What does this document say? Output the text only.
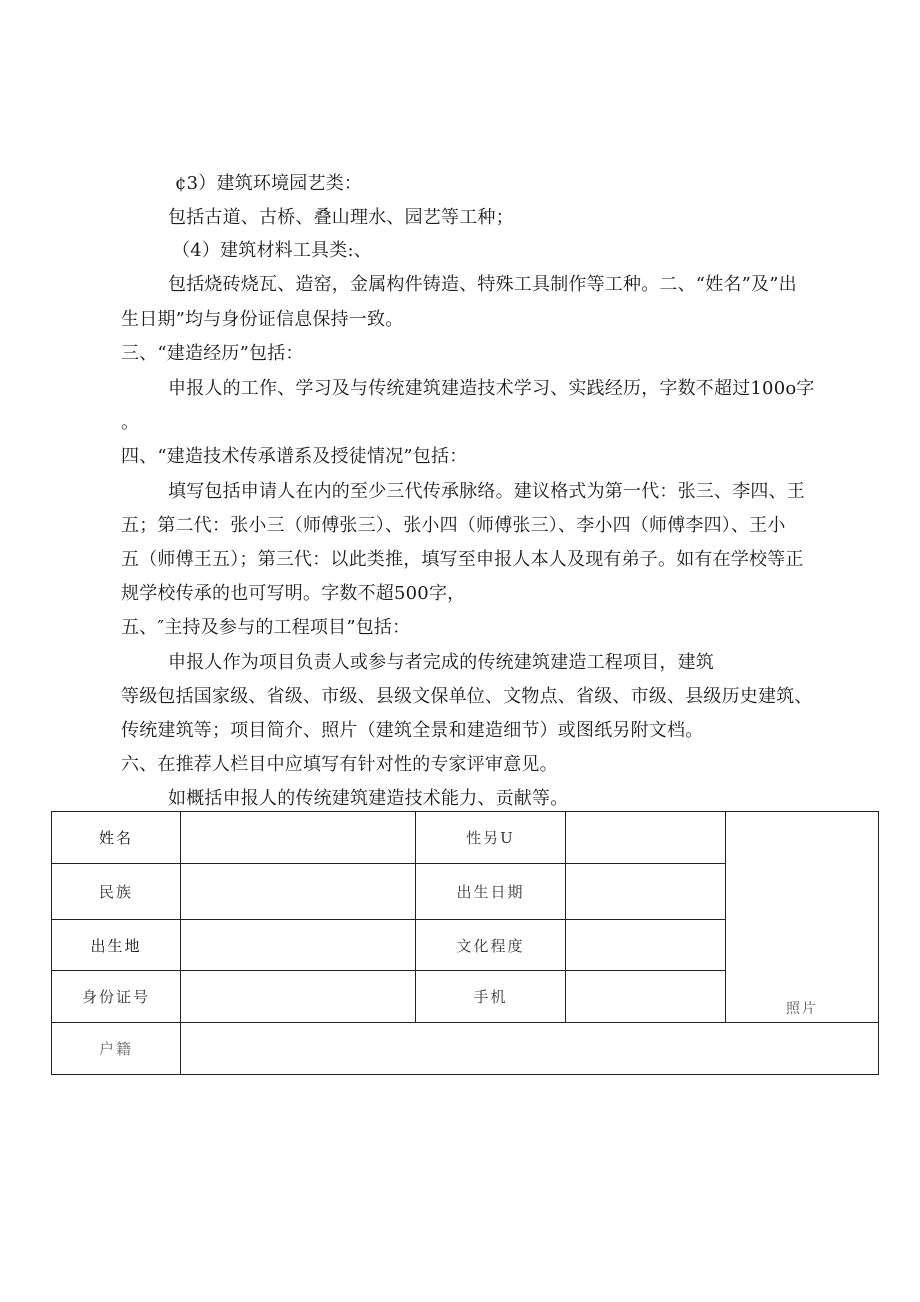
¢3）建筑环境园艺类：
包括古道、古桥、叠山理水、园艺等工种；
（4）建筑材料工具类:、
包括烧砖烧瓦、造窑，金属构件铸造、特殊工具制作等工种。二、“姓名”及”出
生日期”均与身份证信息保持一致。
三、“建造经历”包括：
申报人的工作、学习及与传统建筑建造技术学习、实践经历，字数不超过100o字
。
四、“建造技术传承谱系及授徒情况”包括：
填写包括申请人在内的至少三代传承脉络。建议格式为第一代：张三、李四、王
五；第二代：张小三（师傅张三）、张小四（师傅张三）、李小四（师傅李四）、王小
五（师傅王五）；第三代：以此类推，填写至申报人本人及现有弟子。如有在学校等正
规学校传承的也可写明。字数不超500字，
五、″主持及参与的工程项目”包括：
申报人作为项目负责人或参与者完成的传统建筑建造工程项目，建筑
等级包括国家级、省级、市级、县级文保单位、文物点、省级、市级、县级历史建筑、
传统建筑等；项目简介、照片（建筑全景和建造细节）或图纸另附文档。
六、在推荐人栏目中应填写有针对性的专家评审意见。
如概括申报人的传统建筑建造技术能力、贡献等。
姓名		性另U		照片
民族		出生日期		
出生地		文化程度		
身份证号		手机		
户籍				
